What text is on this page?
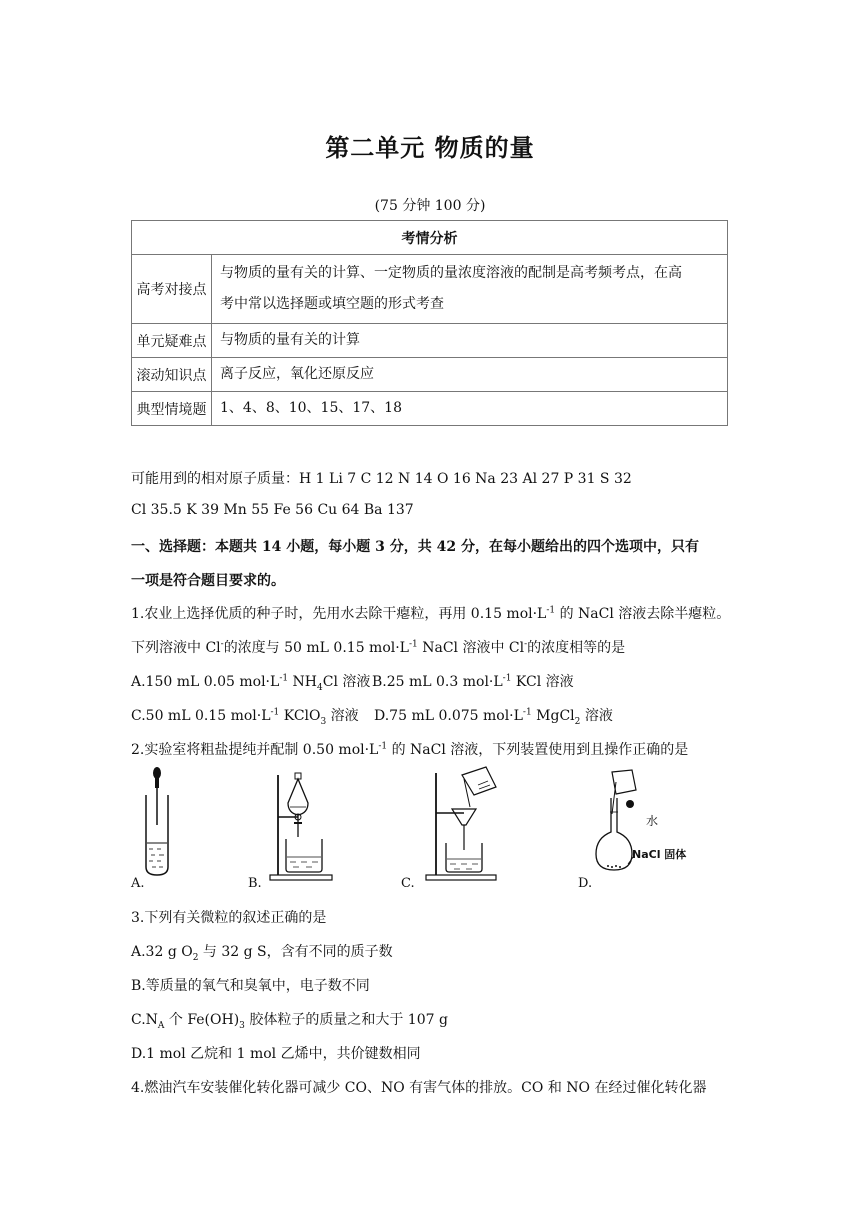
第二单元 物质的量
(75 分钟 100 分)
考情分析	
高考对接点	与物质的量有关的计算、一定物质的量浓度溶液的配制是高考频考点，在高
考中常以选择题或填空题的形式考查

单元疑难点	与物质的量有关的计算
滚动知识点	离子反应，氧化还原反应
典型情境题	1、4、8、10、15、17、18
可能用到的相对原子质量：H 1 Li 7 C 12 N 14 O 16 Na 23 Al 27 P 31 S 32
Cl 35.5 K 39 Mn 55 Fe 56 Cu 64 Ba 137
一、选择题：本题共 14 小题，每小题 3 分，共 42 分，在每小题给出的四个选项中，只有
一项是符合题目要求的。
1.农业上选择优质的种子时，先用水去除干瘪粒，再用 0.15 $mol\cdot L^{-1}$ 的 NaCl 溶液去除半瘪粒。
下列溶液中 Cl-的浓度与 50 mL 0.15 $mol\cdot L^{-1}$ NaCl 溶液中 Cl-的浓度相等的是
A.150 mL 0.05 $mol\cdot L^{-1}$ $NH_4Cl$ 溶液 B.25 mL 0.3 $mol\cdot L^{-1}$ KCl 溶液
C.50 mL 0.15 $mol\cdot L^{-1}$ KClO$_3$ 溶液 D.75 mL 0.075 $mol\cdot L^{-1}$ MgCl$_2$ 溶液
2.实验室将粗盐提纯并配制 0.50 $mol\cdot L^{-1}$ 的 NaCl 溶液，下列装置使用到且操作正确的是
A.	B.	C.
水
NaCl 固体
D.
3.下列有关微粒的叙述正确的是
A.32 g $O_2$ 与 32 g S，含有不同的质子数
B.等质量的氧气和臭氧中，电子数不同
$C.N_A$ 个 $Fe(OH)_3$ 胶体粒子的质量之和大于 107 g
D.1 mol 乙烷和 1 mol 乙烯中，共价键数相同
4.燃油汽车安装催化转化器可减少 CO、NO 有害气体的排放。CO 和 NO 在经过催化转化器
